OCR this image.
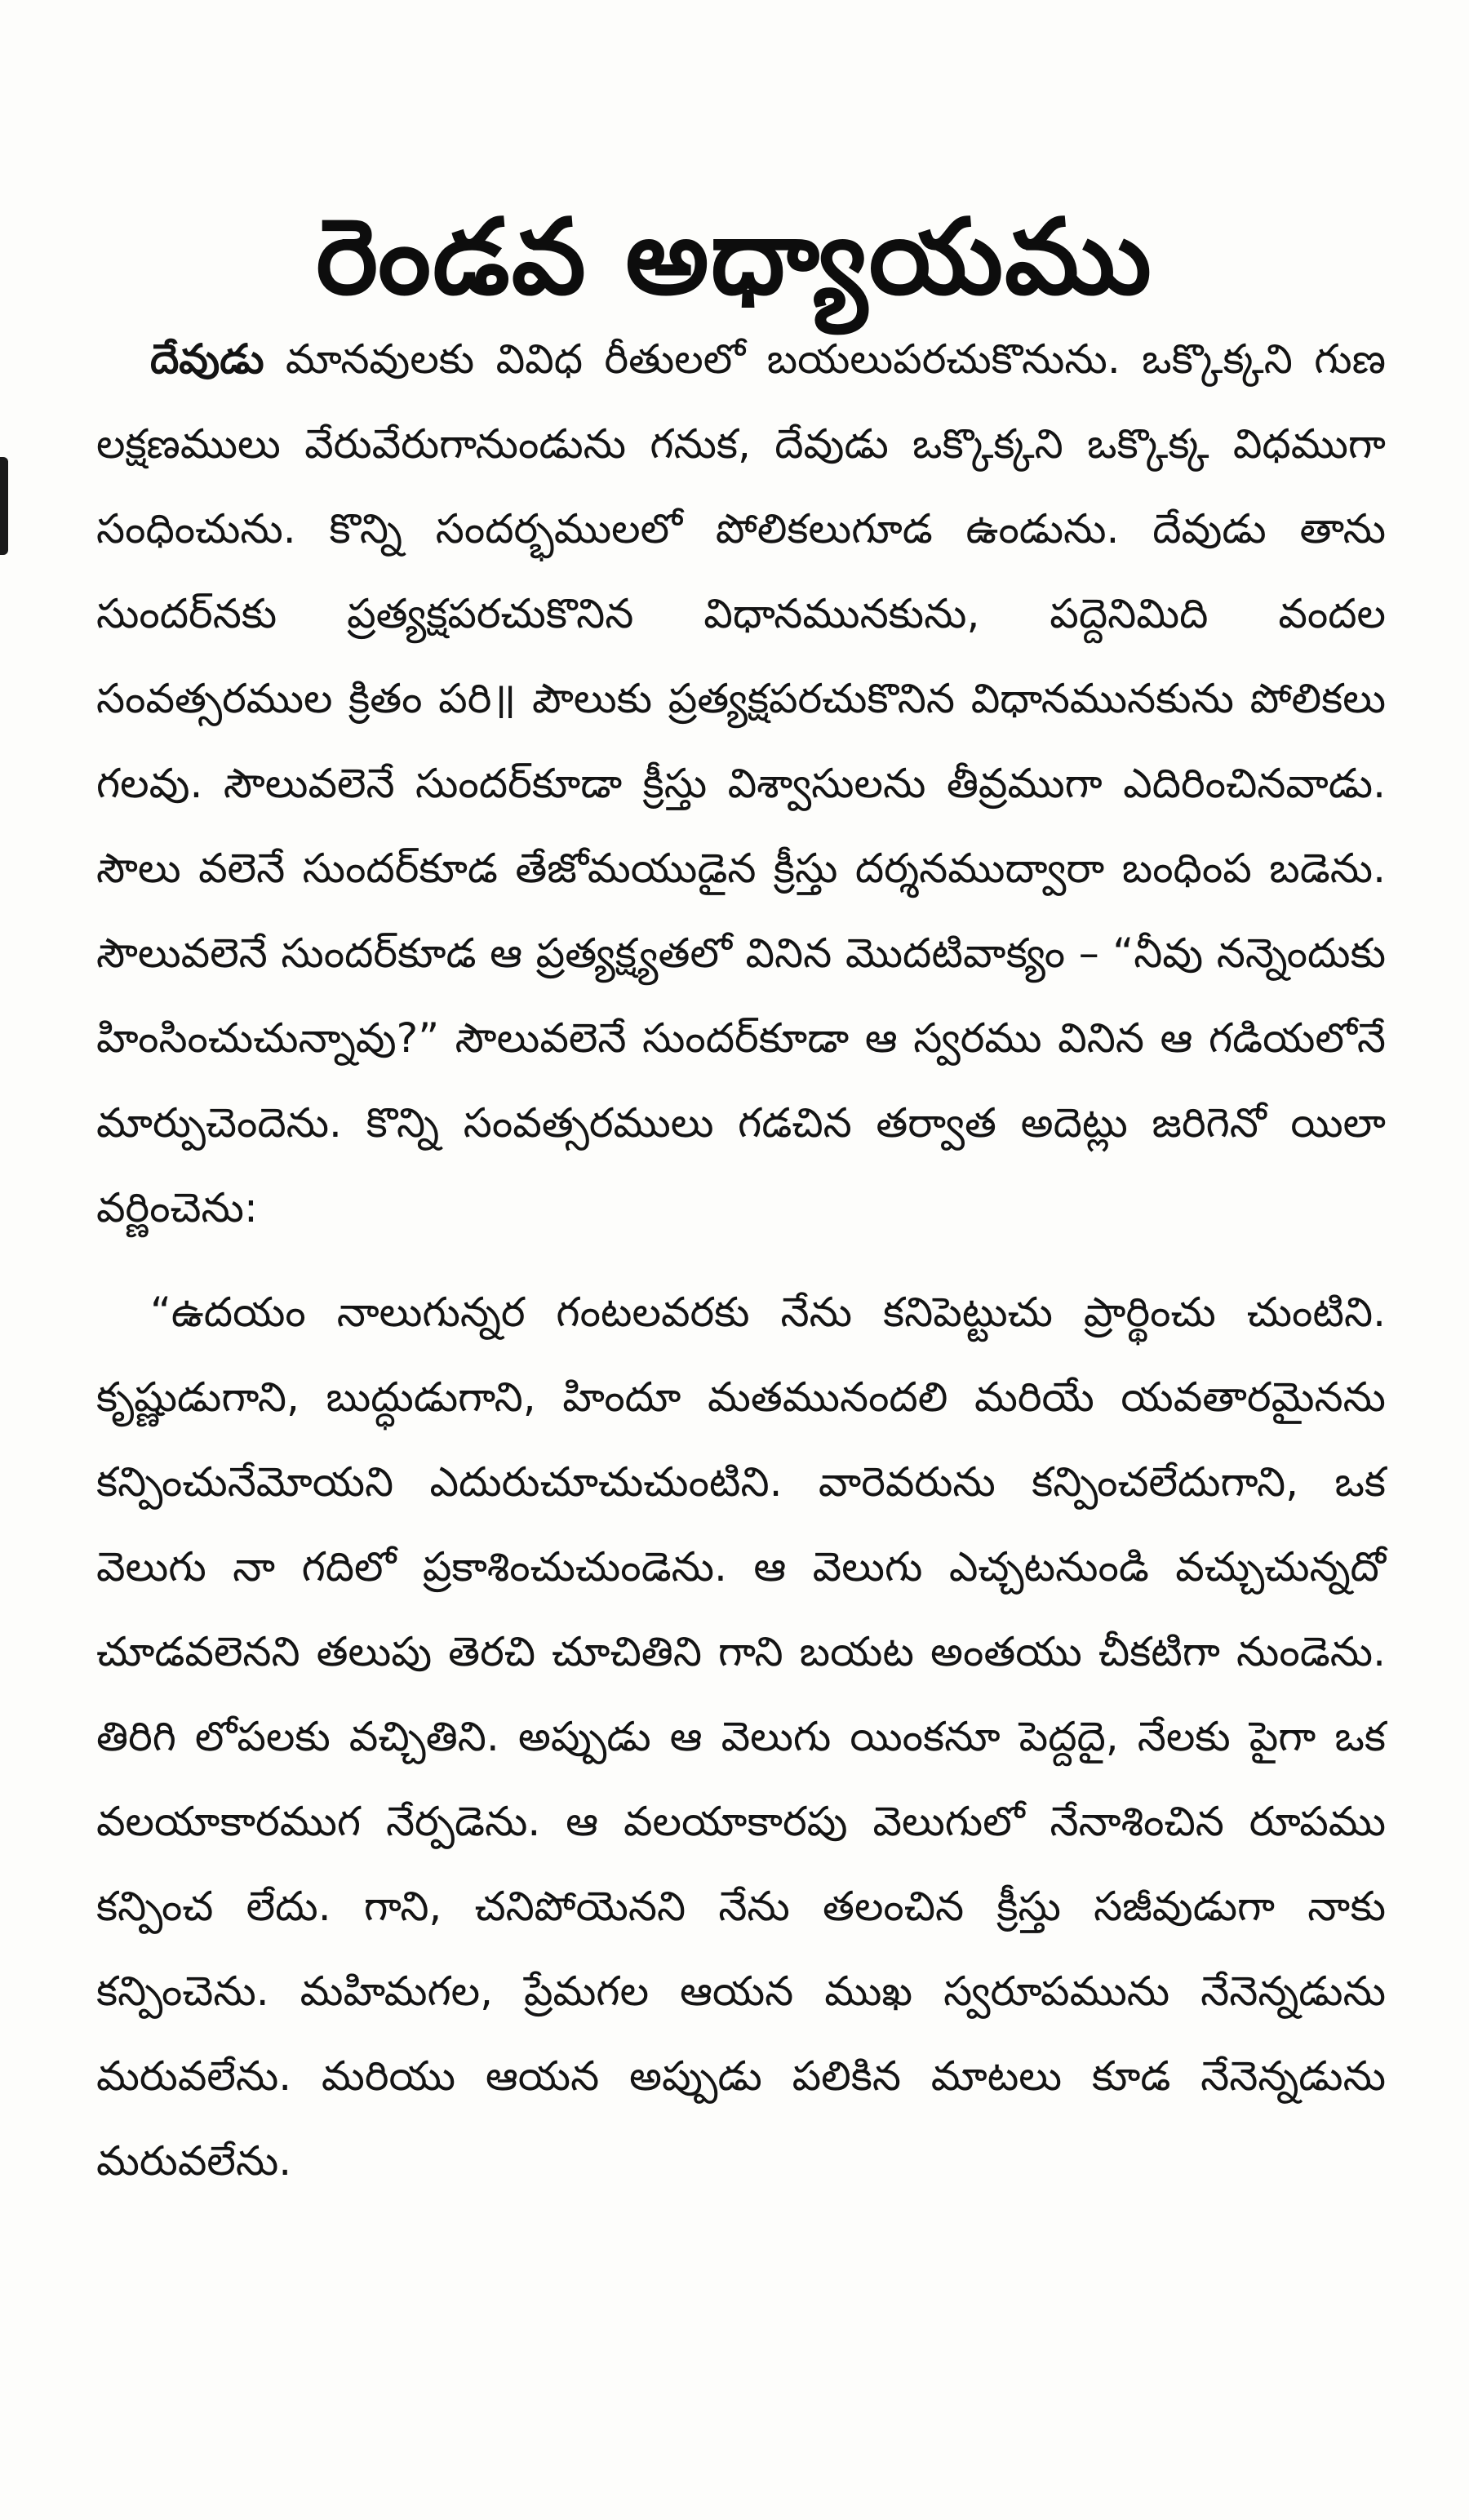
రెండవ అధ్యాయము

దేవుడు మానవులకు వివిధ రీతులలో బయలుపరచుకొనును. ఒక్కొక్కని గుణ లక్షణములు వేరువేరుగానుండును గనుక, దేవుడు ఒక్కొక్కని ఒక్కొక్క విధముగా సంధించును. కొన్ని సందర్భములలో పోలికలుగూడ ఉండును. దేవుడు తాను సుందర్‌నకు ప్రత్యక్షపరచుకొనిన విధానమునకును, పద్దెనిమిది వందల సంవత్సరముల క్రితం పరి॥ పౌలుకు ప్రత్యక్షపరచుకొనిన విధానమునకును పోలికలు గలవు. సౌలువలెనే సుందర్‌కూడా క్రీస్తు విశ్వాసులను తీవ్రముగా ఎదిరించినవాడు. సౌలు వలెనే సుందర్‌కూడ తేజోమయుడైన క్రీస్తు దర్శనముద్వారా బంధింప బడెను. సౌలువలెనే సుందర్‌కూడ ఆ ప్రత్యక్ష్యతలో వినిన మొదటివాక్యం – “నీవు నన్నెందుకు హింసించుచున్నావు?” సౌలువలెనే సుందర్‌కూడా ఆ స్వరము వినిన ఆ గడియలోనే మార్పుచెందెను. కొన్ని సంవత్సరములు గడచిన తర్వాత అదెట్లు జరిగెనో యిలా వర్ణించెను:

“ఉదయం నాలుగున్నర గంటలవరకు నేను కనిపెట్టుచు ప్రార్థించు చుంటిని. కృష్ణుడుగాని, బుద్ధుడుగాని, హిందూ మతమునందలి మరియే యవతారమైనను కన్పించునేమోయని ఎదురుచూచుచుంటిని. వారెవరును కన్పించలేదుగాని, ఒక వెలుగు నా గదిలో ప్రకాశించుచుండెను. ఆ వెలుగు ఎచ్చటనుండి వచ్చుచున్నదో చూడవలెనని తలుపు తెరచి చూచితిని గాని బయట అంతయు చీకటిగా నుండెను. తిరిగి లోపలకు వచ్చితిని. అప్పుడు ఆ వెలుగు యింకనూ పెద్దదై, నేలకు పైగా ఒక వలయాకారముగ నేర్పడెను. ఆ వలయాకారపు వెలుగులో నేనాశించిన రూపము కన్పించ లేదు. గాని, చనిపోయెనని నేను తలంచిన క్రీస్తు సజీవుడుగా నాకు కన్పించెను. మహిమగల, ప్రేమగల ఆయన ముఖ స్వరూపమును నేనెన్నడును మరువలేను. మరియు ఆయన అప్పుడు పలికిన మాటలు కూడ నేనెన్నడును మరువలేను.
